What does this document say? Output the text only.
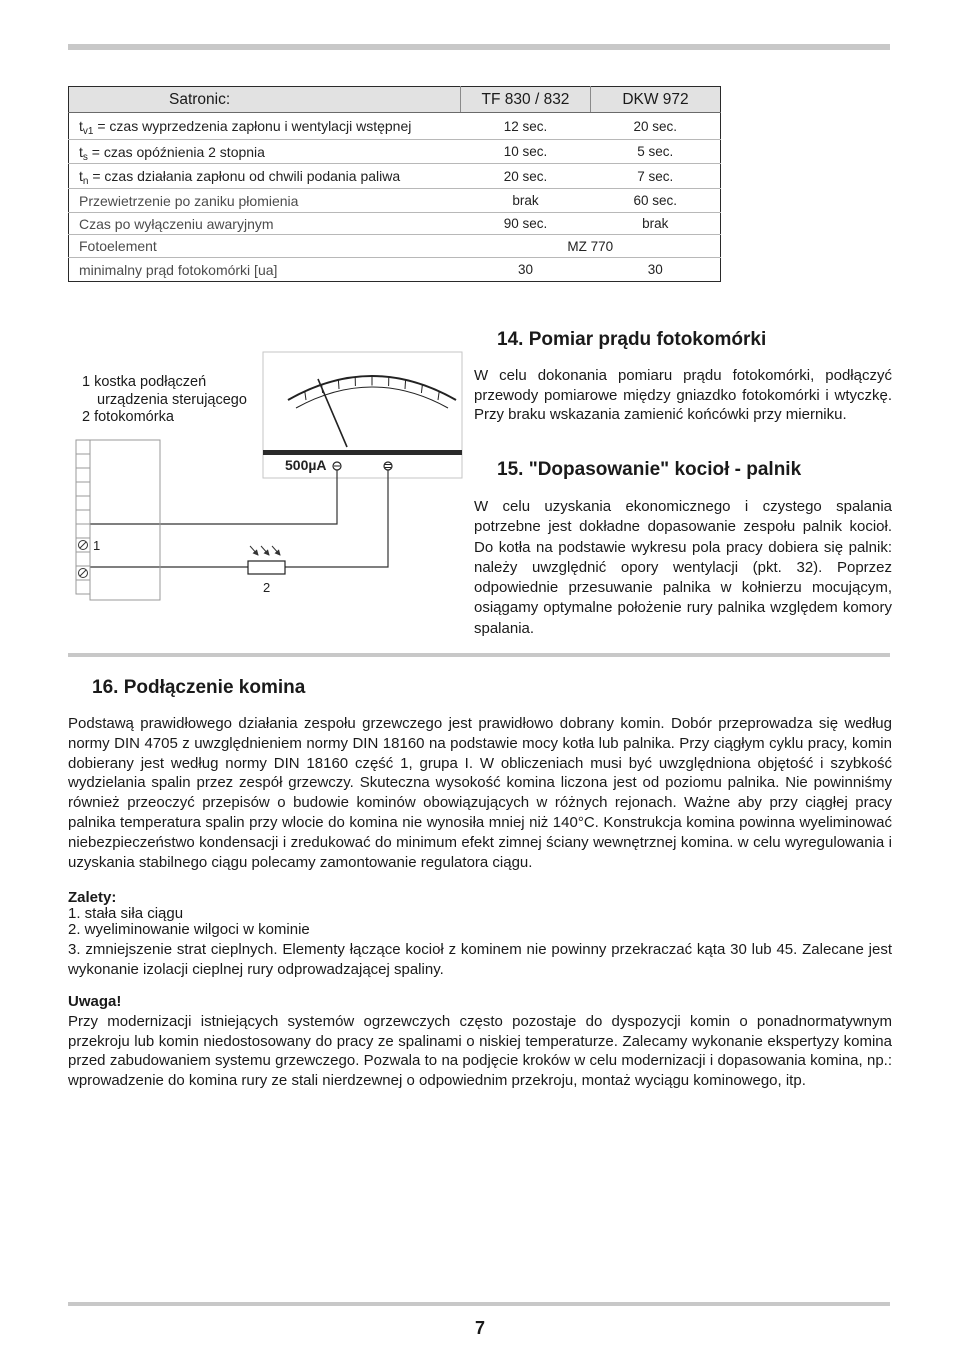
Satronic:	TF 830 / 832	DKW 972
$t_{v1}$ = czas wyprzedzenia zapłonu i wentylacji wstępnej	12 sec.	20 sec.
$t_s$ = czas opóźnienia 2 stopnia	10 sec.	5 sec.
$t_n$ = czas działania zapłonu od chwili podania paliwa	20 sec.	7 sec.
Przewietrzenie po zaniku płomienia	brak	60 sec.
Czas po wyłączeniu awaryjnym	90 sec.	brak
Fotoelement	MZ 770	
minimalny prąd fotokomórki [ua]	30	30
1 kostka podłączeń
urządzenia sterującego
2 fotokomórka
500µA
1
2
14. Pomiar prądu fotokomórki
W celu dokonania pomiaru prądu fotokomórki, podłączyć przewody pomiarowe między gniazdko fotokomórki i wtyczkę. Przy braku wskazania zamienić końcówki przy mierniku.
15. "Dopasowanie" kocioł - palnik
W celu uzyskania ekonomicznego i czystego spalania potrzebne jest dokładne dopasowanie zespołu palnik kocioł. Do kotła na podstawie wykresu pola pracy dobiera się palnik: należy uwzględnić opory wentylacji (pkt. 32). Poprzez odpowiednie przesuwanie palnika w kołnierzu mocującym, osiągamy optymalne położenie rury palnika względem komory spalania.
16. Podłączenie komina
Podstawą prawidłowego działania zespołu grzewczego jest prawidłowo dobrany komin. Dobór przeprowadza się według normy DIN 4705 z uwzględnieniem normy DIN 18160 na podstawie mocy kotła lub palnika. Przy ciągłym cyklu pracy, komin dobierany jest według normy DIN 18160 część 1, grupa I. W obliczeniach musi być uwzględniona objętość i szybkość wydzielania spalin przez zespół grzewczy. Skuteczna wysokość komina liczona jest od poziomu palnika. Nie powinniśmy również przeoczyć przepisów o budowie kominów obowiązujących w różnych rejonach. Ważne aby przy ciągłej pracy palnika temperatura spalin przy wlocie do komina nie wynosiła mniej niż 140°C. Konstrukcja komina powinna wyeliminować niebezpieczeństwo kondensacji i zredukować do minimum efekt zimnej ściany wewnętrznej komina. w celu wyregulowania i uzyskania stabilnego ciągu polecamy zamontowanie regulatora ciągu.
Zalety:
1. stała siła ciągu
2. wyeliminowanie wilgoci w kominie
3. zmniejszenie strat cieplnych. Elementy łączące kocioł z kominem nie powinny przekraczać kąta 30 lub 45. Zalecane jest wykonanie izolacji cieplnej rury odprowadzającej spaliny.
Uwaga!
Przy modernizacji istniejących systemów ogrzewczych często pozostaje do dyspozycji komin o ponadnormatywnym przekroju lub komin niedostosowany do pracy ze spalinami o niskiej temperaturze. Zalecamy wykonanie ekspertyzy komina przed zabudowaniem systemu grzewczego. Pozwala to na podjęcie kroków w celu modernizacji i dopasowania komina, np.: wprowadzenie do komina rury ze stali nierdzewnej o odpowiednim przekroju, montaż wyciągu kominowego, itp.
7
